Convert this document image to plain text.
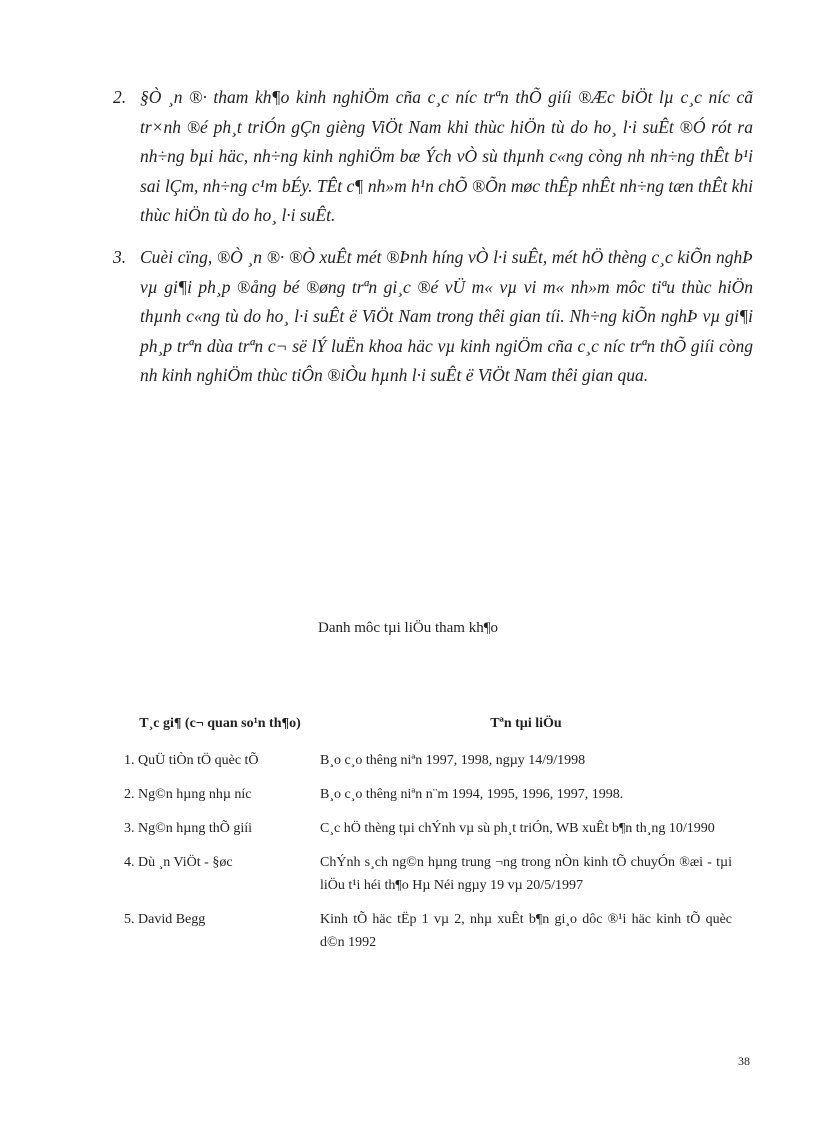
2. §Ò ¸n ®· tham kh¶o kinh nghiÖm cña c¸c níc trªn thÕ giíi ®Æc biÖt lµ c¸c níc cã tr×nh ®é ph¸t triÓn gÇn gièng ViÖt Nam khi thùc hiÖn tù do ho¸ l·i suÊt ®Ó rót ra nh÷ng bµi häc, nh÷ng kinh nghiÖm bæ Ých vÒ sù thµnh c«ng còng nh nh÷ng thÊt b¹i sai lÇm, nh÷ng c¹m bÉy. TÊt c¶ nh»m h¹n chÕ ®Õn møc thÊp nhÊt nh÷ng tæn thÊt khi thùc hiÖn tù do ho¸ l·i suÊt.
3. Cuèi cïng, ®Ò ¸n ®· ®Ò xuÊt mét ®Þnh híng vÒ l·i suÊt, mét hÖ thèng c¸c kiÕn nghÞ vµ gi¶i ph¸p ®ång bé ®øng trªn gi¸c ®é vÜ m« vµ vi m« nh»m môc tiªu thùc hiÖn thµnh c«ng tù do ho¸ l·i suÊt ë ViÖt Nam trong thêi gian tíi. Nh÷ng kiÕn nghÞ vµ gi¶i ph¸p trªn dùa trªn c¬ së lÝ luËn khoa häc vµ kinh ngiÖm cña c¸c níc trªn thÕ giíi còng nh kinh nghiÖm thùc tiÔn ®iÒu hµnh l·i suÊt ë ViÖt Nam thêi gian qua.
Danh môc tµi liÖu tham kh¶o
T¸c gi¶ (c¬ quan so¹n th¶o)	Tªn tµi liÖu
1. QuÜ tiÒn tÖ quèc tÕ	B¸o c¸o thêng niªn 1997, 1998, ngµy 14/9/1998
2. Ng©n hµng nhµ níc	B¸o c¸o thêng niªn n¨m 1994, 1995, 1996, 1997, 1998.
3. Ng©n hµng thÕ giíi	C¸c hÖ thèng tµi chÝnh vµ sù ph¸t triÓn, WB xuÊt b¶n th¸ng 10/1990
4. Dù ¸n ViÖt - §øc	ChÝnh s¸ch ng©n hµng trung ¬ng trong nÒn kinh tÕ chuyÓn ®æi - tµi liÖu t¹i héi th¶o Hµ Néi ngµy 19 vµ 20/5/1997
5. David Begg	Kinh tÕ häc tËp 1 vµ 2, nhµ xuÊt b¶n gi¸o dôc ®¹i häc kinh tÕ quèc d©n 1992
38
